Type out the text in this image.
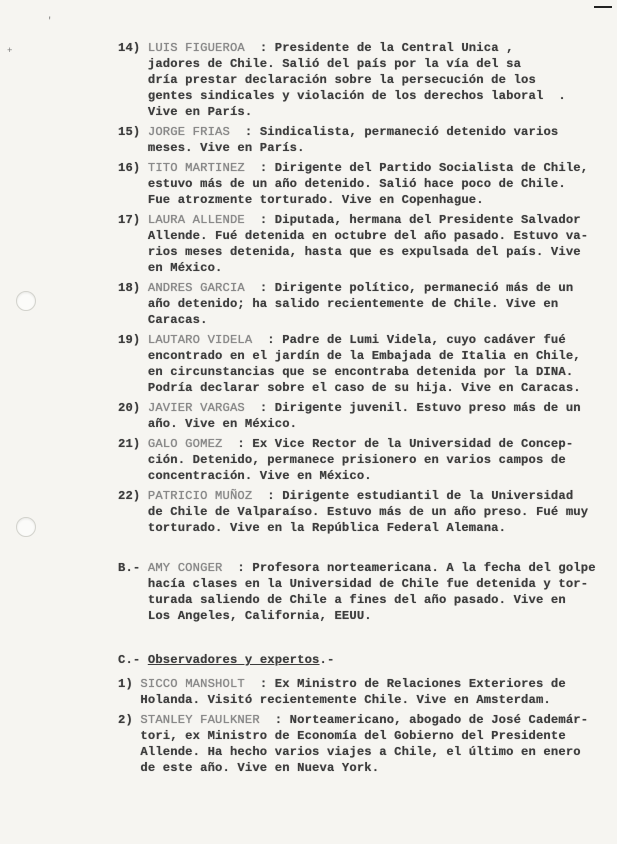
+
'
14) LUIS FIGUEROA  : Presidente de la Central Unica ,
jadores de Chile. Salió del país por la vía del sa
dría prestar declaración sobre la persecución de los
gentes sindicales y violación de los derechos laboral  .
Vive en París.
15) JORGE FRIAS  : Sindicalista, permaneció detenido varios
meses. Vive en París.
16) TITO MARTINEZ  : Dirigente del Partido Socialista de Chile,
estuvo más de un año detenido. Salió hace poco de Chile.
Fue atrozmente torturado. Vive en Copenhague.
17) LAURA ALLENDE  : Diputada, hermana del Presidente Salvador
Allende. Fué detenida en octubre del año pasado. Estuvo va-
rios meses detenida, hasta que es expulsada del país. Vive
en México.
18) ANDRES GARCIA  : Dirigente político, permaneció más de un
año detenido; ha salido recientemente de Chile. Vive en
Caracas.
19) LAUTARO VIDELA  : Padre de Lumi Videla, cuyo cadáver fué
encontrado en el jardín de la Embajada de Italia en Chile,
en circunstancias que se encontraba detenida por la DINA.
Podría declarar sobre el caso de su hija. Vive en Caracas.
20) JAVIER VARGAS  : Dirigente juvenil. Estuvo preso más de un
año. Vive en México.
21) GALO GOMEZ  : Ex Vice Rector de la Universidad de Concep-
ción. Detenido, permanece prisionero en varios campos de
concentración. Vive en México.
22) PATRICIO MUÑOZ  : Dirigente estudiantil de la Universidad
de Chile de Valparaíso. Estuvo más de un año preso. Fué muy
torturado. Vive en la República Federal Alemana.
B.- AMY CONGER  : Profesora norteamericana. A la fecha del golpe
hacía clases en la Universidad de Chile fue detenida y tor-
turada saliendo de Chile a fines del año pasado. Vive en
Los Angeles, California, EEUU.
C.- Observadores y expertos.-
1) SICCO MANSHOLT  : Ex Ministro de Relaciones Exteriores de
Holanda. Visitó recientemente Chile. Vive en Amsterdam.
2) STANLEY FAULKNER  : Norteamericano, abogado de José Cademár-
tori, ex Ministro de Economía del Gobierno del Presidente
Allende. Ha hecho varios viajes a Chile, el último en enero
de este año. Vive en Nueva York.
